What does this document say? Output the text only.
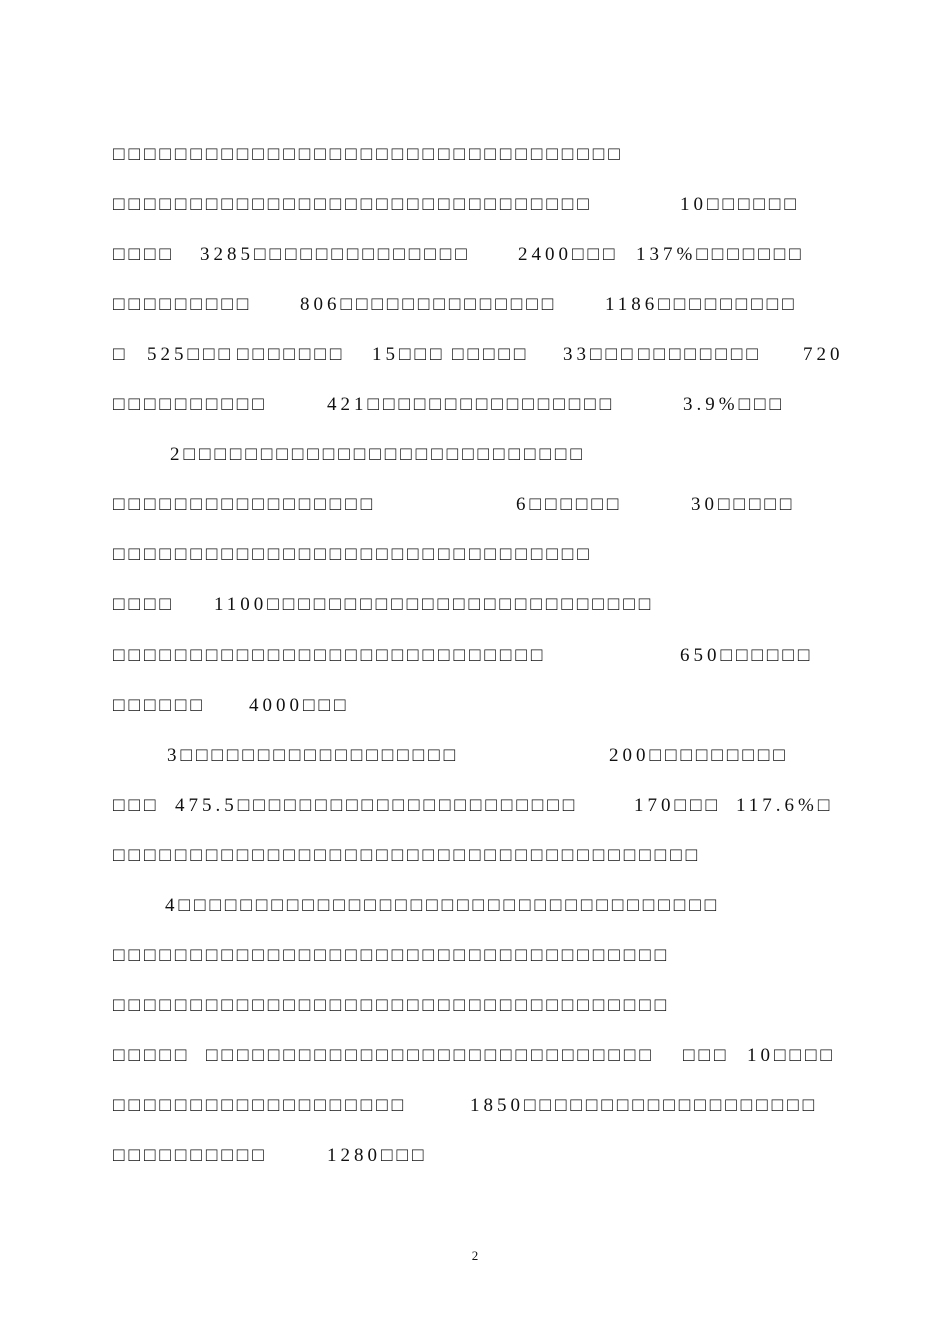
□□□□□□□□□□□□□□□□□□□□□□□□□□□□□□□□□
□□□□□□□□□□□□□□□□□□□□□□□□□□□□□□□	10□□□□□□
□□□□ 3285□□□□□□□□□□□□□□ 2400□□□ 137%□□□□□□□
□□□□□□□□□	806□□□□□□□□□□□□□□	1186□□□□□□□□□
□ 525□□□ □□□□□□□ 15□□□ □□□□□ 33□□□ □□□□□□□□ 720
□□□□□□□□□□	421□□□□□□□□□□□□□□□□	3.9%□□□
2□□□□□□□□□□□□□□□□□□□□□□□□□□
□□□□□□□□□□□□□□□□□	6□□□□□□	30□□□□□
□□□□□□□□□□□□□□□□□□□□□□□□□□□□□□□
□□□□ 1100□□□□□□□□□□□□□□□□□□□□□□□□□
□□□□□□□□□□□□□□□□□□□□□□□□□□□□	650□□□□□□
□□□□□□ 4000□□□
3□□□□□□□□□□□□□□□□□□	200□□□□□□□□□
□□□ 475.5□□□□□□□□□□□□□□□□□□□□□□	170□□□ 117.6%□
□□□□□□□□□□□□□□□□□□□□□□□□□□□□□□□□□□□□□□
4□□□□□□□□□□□□□□□□□□□□□□□□□□□□□□□□□□□
□□□□□□□□□□□□□□□□□□□□□□□□□□□□□□□□□□□□
□□□□□□□□□□□□□□□□□□□□□□□□□□□□□□□□□□□□
□□□□□ □□□□□□□□□□□□□□□□□□□□□□□□□□□□□ □□□ 10□□□□
□□□□□□□□□□□□□□□□□□□	1850□□□□□□□□□□□□□□□□□□□
□□□□□□□□□□	1280□□□
2
